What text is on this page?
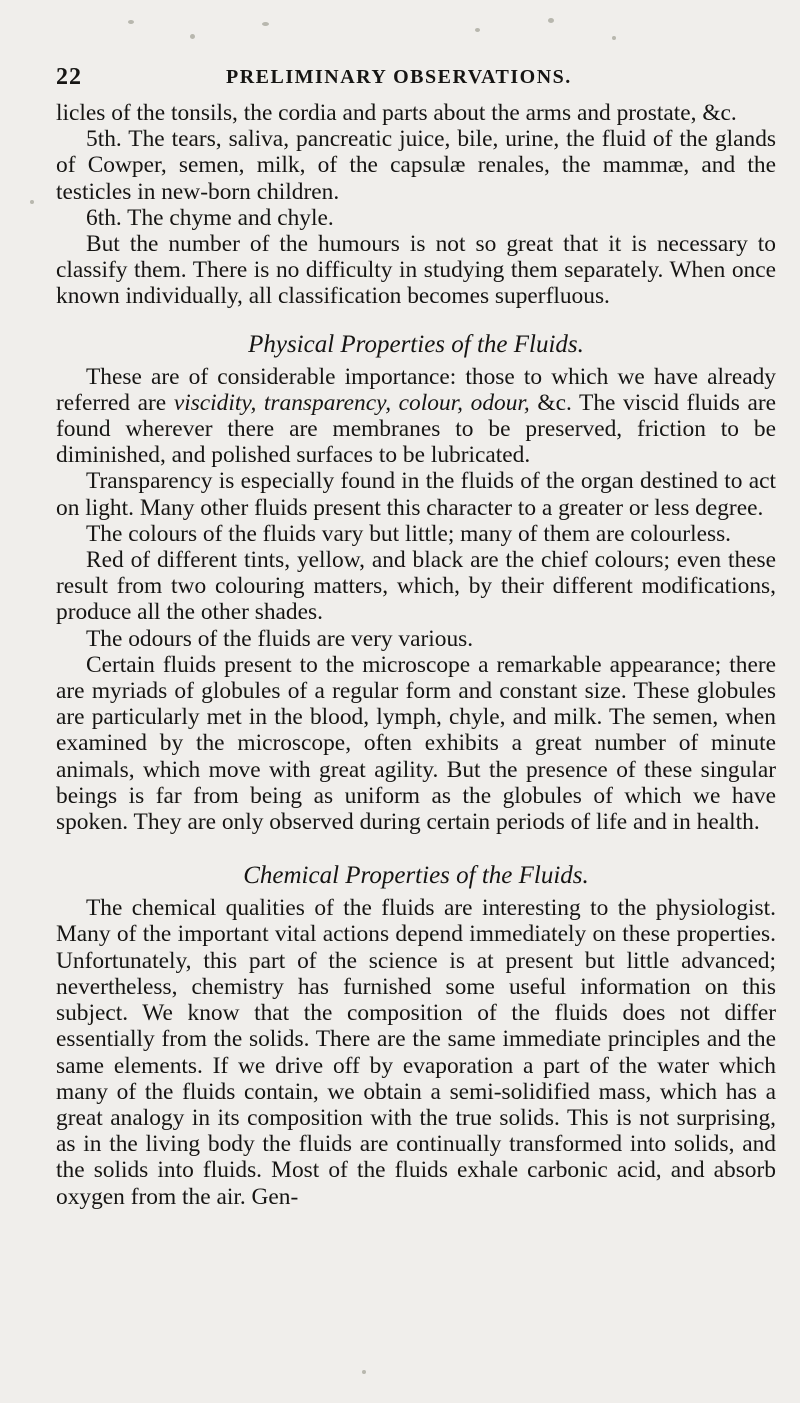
22	PRELIMINARY OBSERVATIONS.

licles of the tonsils, the cordia and parts about the arms and prostate, &c.

5th. The tears, saliva, pancreatic juice, bile, urine, the fluid of the glands of Cowper, semen, milk, of the capsulæ renales, the mammæ, and the testicles in new-born children.

6th. The chyme and chyle.

But the number of the humours is not so great that it is necessary to classify them. There is no difficulty in studying them separately. When once known individually, all classification becomes superfluous.

Physical Properties of the Fluids.

These are of considerable importance: those to which we have already referred are viscidity, transparency, colour, odour, &c. The viscid fluids are found wherever there are membranes to be preserved, friction to be diminished, and polished surfaces to be lubricated.

Transparency is especially found in the fluids of the organ destined to act on light. Many other fluids present this character to a greater or less degree.

The colours of the fluids vary but little; many of them are colourless.

Red of different tints, yellow, and black are the chief colours; even these result from two colouring matters, which, by their different modifications, produce all the other shades.

The odours of the fluids are very various.

Certain fluids present to the microscope a remarkable appearance; there are myriads of globules of a regular form and constant size. These globules are particularly met in the blood, lymph, chyle, and milk. The semen, when examined by the microscope, often exhibits a great number of minute animals, which move with great agility. But the presence of these singular beings is far from being as uniform as the globules of which we have spoken. They are only observed during certain periods of life and in health.

Chemical Properties of the Fluids.

The chemical qualities of the fluids are interesting to the physiologist. Many of the important vital actions depend immediately on these properties. Unfortunately, this part of the science is at present but little advanced; nevertheless, chemistry has furnished some useful information on this subject. We know that the composition of the fluids does not differ essentially from the solids. There are the same immediate principles and the same elements. If we drive off by evaporation a part of the water which many of the fluids contain, we obtain a semi-solidified mass, which has a great analogy in its composition with the true solids. This is not surprising, as in the living body the fluids are continually transformed into solids, and the solids into fluids. Most of the fluids exhale carbonic acid, and absorb oxygen from the air. Gen-
